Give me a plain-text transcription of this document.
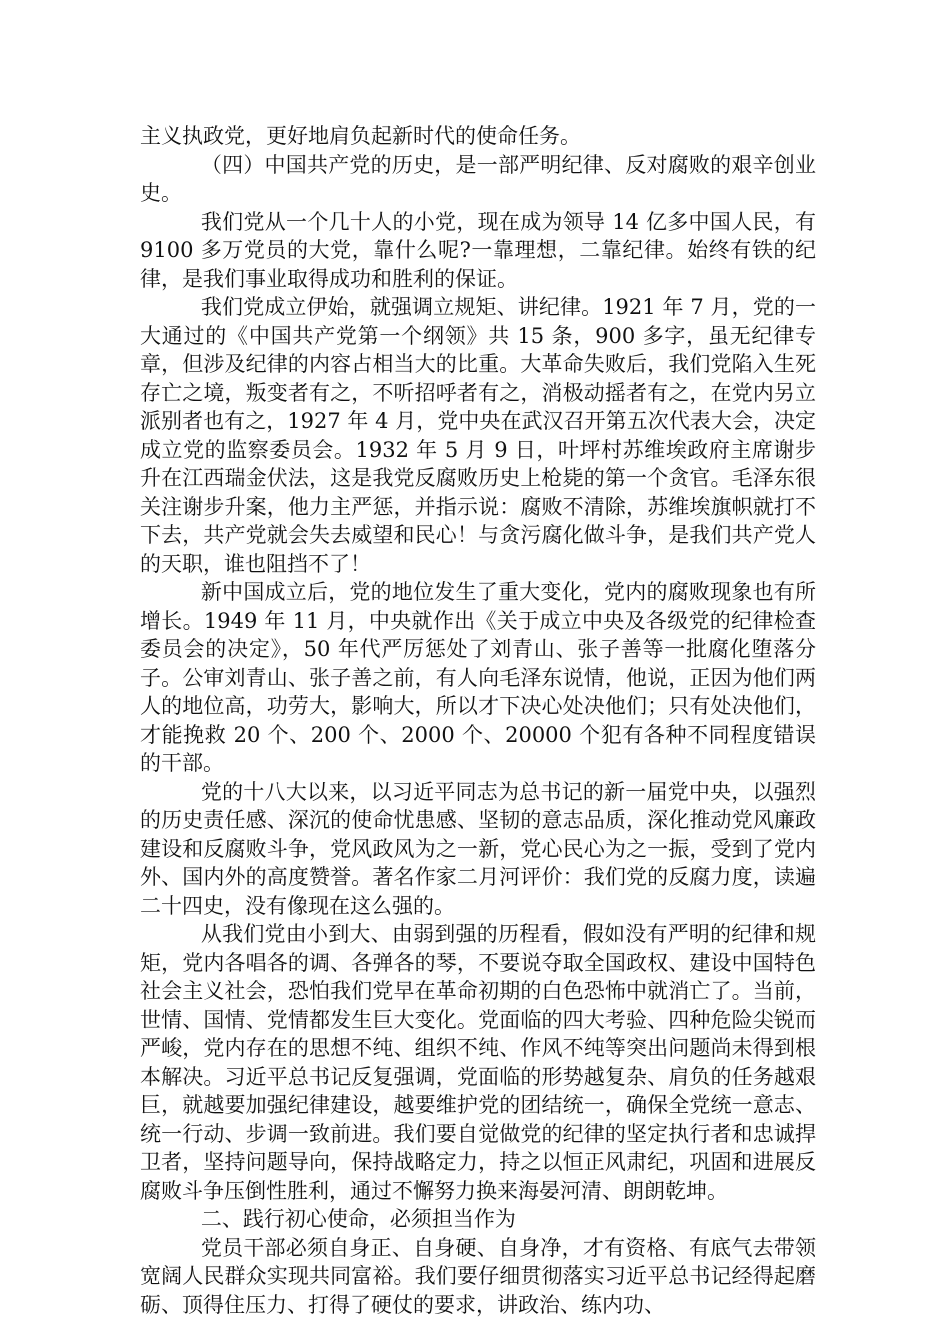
主义执政党，更好地肩负起新时代的使命任务。

（四）中国共产党的历史，是一部严明纪律、反对腐败的艰辛创业史。

我们党从一个几十人的小党，现在成为领导 14 亿多中国人民，有 9100 多万党员的大党，靠什么呢?一靠理想，二靠纪律。始终有铁的纪律，是我们事业取得成功和胜利的保证。

我们党成立伊始，就强调立规矩、讲纪律。1921 年 7 月，党的一大通过的《中国共产党第一个纲领》共 15 条，900 多字，虽无纪律专章，但涉及纪律的内容占相当大的比重。大革命失败后，我们党陷入生死存亡之境，叛变者有之，不听招呼者有之，消极动摇者有之，在党内另立派别者也有之，1927 年 4 月，党中央在武汉召开第五次代表大会，决定成立党的监察委员会。1932 年 5 月 9 日，叶坪村苏维埃政府主席谢步升在江西瑞金伏法，这是我党反腐败历史上枪毙的第一个贪官。毛泽东很关注谢步升案，他力主严惩，并指示说：腐败不清除，苏维埃旗帜就打不下去，共产党就会失去威望和民心！与贪污腐化做斗争，是我们共产党人的天职，谁也阻挡不了！

新中国成立后，党的地位发生了重大变化，党内的腐败现象也有所增长。1949 年 11 月，中央就作出《关于成立中央及各级党的纪律检查委员会的决定》，50 年代严厉惩处了刘青山、张子善等一批腐化堕落分子。公审刘青山、张子善之前，有人向毛泽东说情，他说，正因为他们两人的地位高，功劳大，影响大，所以才下决心处决他们；只有处决他们，才能挽救 20 个、200 个、2000 个、20000 个犯有各种不同程度错误的干部。

党的十八大以来，以习近平同志为总书记的新一届党中央，以强烈的历史责任感、深沉的使命忧患感、坚韧的意志品质，深化推动党风廉政建设和反腐败斗争，党风政风为之一新，党心民心为之一振，受到了党内外、国内外的高度赞誉。著名作家二月河评价：我们党的反腐力度，读遍二十四史，没有像现在这么强的。

从我们党由小到大、由弱到强的历程看，假如没有严明的纪律和规矩，党内各唱各的调、各弹各的琴，不要说夺取全国政权、建设中国特色社会主义社会，恐怕我们党早在革命初期的白色恐怖中就消亡了。当前，世情、国情、党情都发生巨大变化。党面临的四大考验、四种危险尖锐而严峻，党内存在的思想不纯、组织不纯、作风不纯等突出问题尚未得到根本解决。习近平总书记反复强调，党面临的形势越复杂、肩负的任务越艰巨，就越要加强纪律建设，越要维护党的团结统一，确保全党统一意志、统一行动、步调一致前进。我们要自觉做党的纪律的坚定执行者和忠诚捍卫者，坚持问题导向，保持战略定力，持之以恒正风肃纪，巩固和进展反腐败斗争压倒性胜利，通过不懈努力换来海晏河清、朗朗乾坤。

二、践行初心使命，必须担当作为

党员干部必须自身正、自身硬、自身净，才有资格、有底气去带领宽阔人民群众实现共同富裕。我们要仔细贯彻落实习近平总书记经得起磨砺、顶得住压力、打得了硬仗的要求，讲政治、练内功、
